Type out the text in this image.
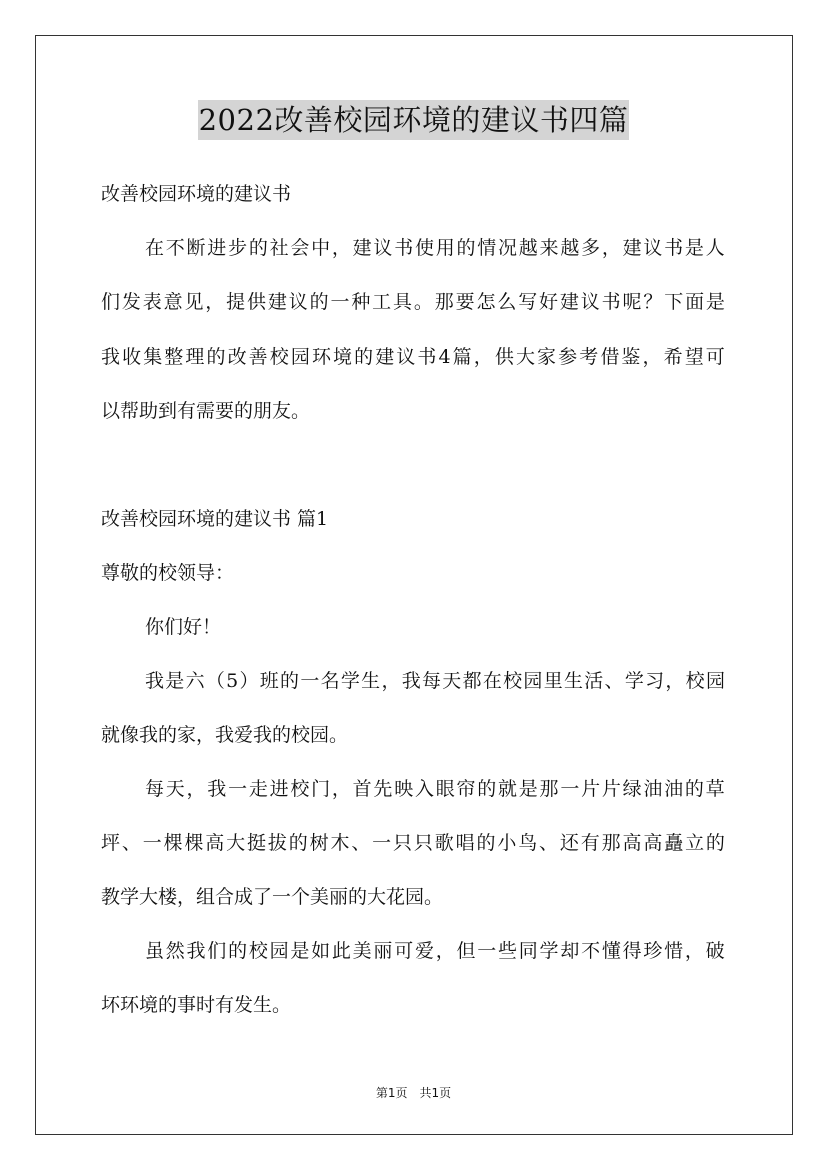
2022改善校园环境的建议书四篇
改善校园环境的建议书
在 不 断 进 步 的 社 会 中 ， 建 议 书 使 用 的 情 况 越 来 越 多 ， 建 议 书 是 人
们 发 表 意 见 ， 提 供 建 议 的 一 种 工 具 。 那 要 怎 么 写 好 建 议 书 呢 ？ 下 面 是
我 收 集 整 理 的 改 善 校 园 环 境 的 建 议 书 4 篇 ， 供 大 家 参 考 借 鉴 ， 希 望 可
以帮助到有需要的朋友。
改善校园环境的建议书 篇1
尊敬的校领导：
你们好！
我 是 六 （ 5 ） 班 的 一 名 学 生 ， 我 每 天 都 在 校 园 里 生 活 、 学 习 ， 校 园
就像我的家，我爱我的校园。
每 天 ， 我 一 走 进 校 门 ， 首 先 映 入 眼 帘 的 就 是 那 一 片 片 绿 油 油 的 草
坪 、 一 棵 棵 高 大 挺 拔 的 树 木 、 一 只 只 歌 唱 的 小 鸟 、 还 有 那 高 高 矗 立 的
教学大楼，组合成了一个美丽的大花园。
虽 然 我 们 的 校 园 是 如 此 美 丽 可 爱 ， 但 一 些 同 学 却 不 懂 得 珍 惜 ， 破
坏环境的事时有发生。
第1页　共1页
